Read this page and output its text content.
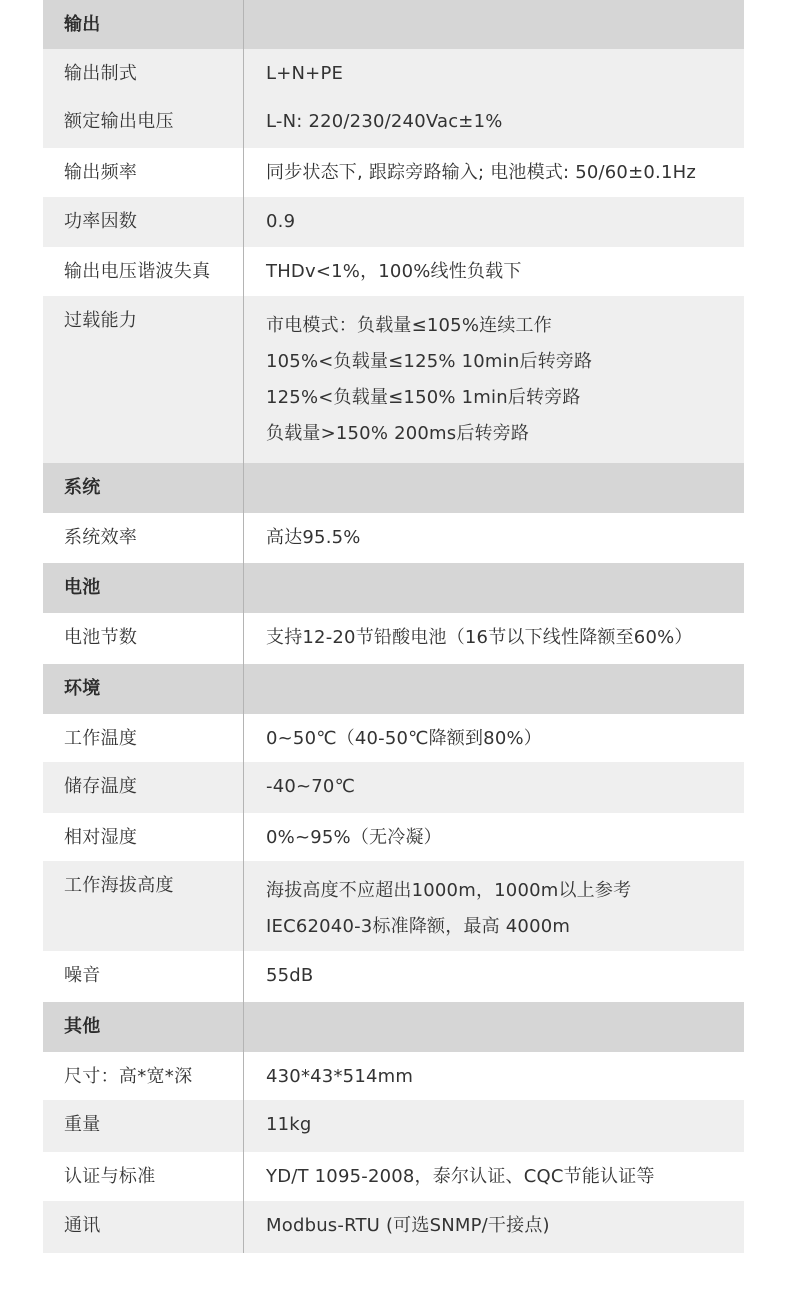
输出
输出制式	L+N+PE
额定输出电压	L-N: 220/230/240Vac±1%
输出频率	同步状态下, 跟踪旁路输入; 电池模式: 50/60±0.1Hz
功率因数	0.9
输出电压谐波失真	THDv<1%，100%线性负载下
过载能力	市电模式：负载量≤105%连续工作
105%<负载量≤125% 10min后转旁路
125%<负载量≤150% 1min后转旁路
负载量>150% 200ms后转旁路
系统
系统效率	高达95.5%
电池
电池节数	支持12-20节铅酸电池（16节以下线性降额至60%）
环境
工作温度	0~50℃（40-50℃降额到80%）
储存温度	-40~70℃
相对湿度	0%~95%（无冷凝）
工作海拔高度	海拔高度不应超出1000m，1000m以上参考
IEC62040-3标准降额，最高 4000m
噪音	55dB
其他
尺寸：高*宽*深	430*43*514mm
重量	11kg
认证与标准	YD/T 1095-2008，泰尔认证、CQC节能认证等
通讯	Modbus-RTU (可选SNMP/干接点)
